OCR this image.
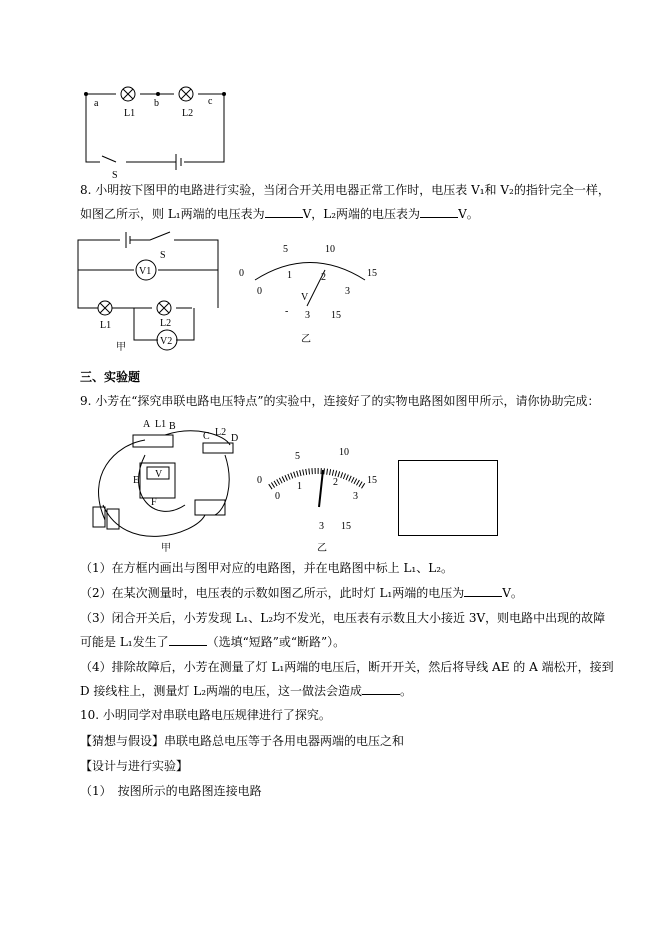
a	b	c
L1	L2
S
8. 小明按下图甲的电路进行实验，当闭合开关用电器正常工作时，电压表 V₁和 V₂的指针完全一样，
如图乙所示，则 L₁两端的电压表为	V，L₂两端的电压表为	V。
S
V1
L1	L2
V2
甲
0
5	10
15
0
1	2
3
V
- 3 15
乙
三、实验题
9. 小芳在“探究串联电路电压特点”的实验中，连接好了的实物电路图如图甲所示，请你协助完成：
A L1 B
C L2
D
E
F
V
甲
0
5	10
15
0
1	2
3
3 15
乙
（1）在方框内画出与图甲对应的电路图，并在电路图中标上 L₁、L₂。
（2）在某次测量时，电压表的示数如图乙所示，此时灯 L₁两端的电压为	V。
（3）闭合开关后，小芳发现 L₁、L₂均不发光，电压表有示数且大小接近 3V，则电路中出现的故障
可能是 L₁发生了	（选填“短路”或“断路”）。
（4）排除故障后，小芳在测量了灯 L₁两端的电压后，断开开关，然后将导线 AE 的 A 端松开，接到
D 接线柱上，测量灯 L₂两端的电压，这一做法会造成	。
10. 小明同学对串联电路电压规律进行了探究。
【猜想与假设】串联电路总电压等于各用电器两端的电压之和
【设计与进行实验】
（1）　按图所示的电路图连接电路
